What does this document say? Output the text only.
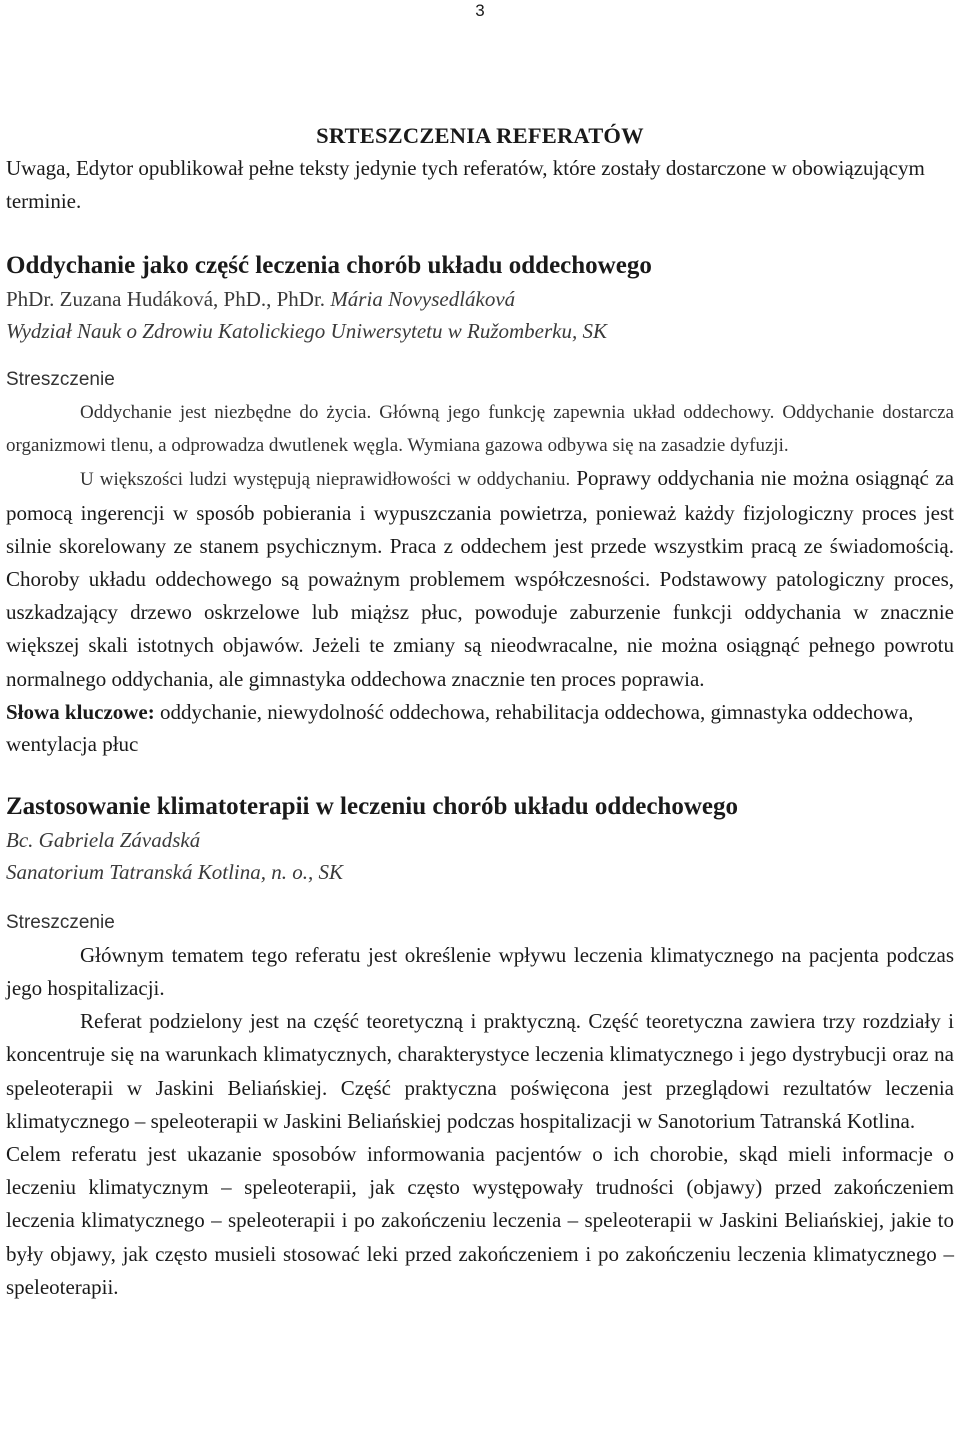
3

SRTESZCZENIA REFERATÓW

Uwaga, Edytor opublikował pełne teksty jedynie tych referatów, które zostały dostarczone w obowiązującym terminie.

Oddychanie jako część leczenia chorób układu oddechowego

PhDr. Zuzana Hudáková, PhD., PhDr. Mária Novysedláková

Wydział Nauk o Zdrowiu Katolickiego Uniwersytetu w Ružomberku, SK

Streszczenie

Oddychanie jest niezbędne do życia. Główną jego funkcję zapewnia układ oddechowy. Oddychanie dostarcza organizmowi tlenu, a odprowadza dwutlenek węgla. Wymiana gazowa odbywa się na zasadzie dyfuzji.

U większości ludzi występują nieprawidłowości w oddychaniu. Poprawy oddychania nie można osiągnąć za pomocą ingerencji w sposób pobierania i wypuszczania powietrza, ponieważ każdy fizjologiczny proces jest silnie skorelowany ze stanem psychicznym. Praca z oddechem jest przede wszystkim pracą ze świadomością. Choroby układu oddechowego są poważnym problemem współczesności. Podstawowy patologiczny proces, uszkadzający drzewo oskrzelowe lub miąższ płuc, powoduje zaburzenie funkcji oddychania w znacznie większej skali istotnych objawów. Jeżeli te zmiany są nieodwracalne, nie można osiągnąć pełnego powrotu normalnego oddychania, ale gimnastyka oddechowa znacznie ten proces poprawia.

Słowa kluczowe: oddychanie, niewydolność oddechowa, rehabilitacja oddechowa, gimnastyka oddechowa, wentylacja płuc

Zastosowanie klimatoterapii w leczeniu chorób układu oddechowego

Bc. Gabriela Závadská

Sanatorium Tatranská Kotlina, n. o., SK

Streszczenie

Głównym tematem tego referatu jest określenie wpływu leczenia klimatycznego na pacjenta podczas jego hospitalizacji.

Referat podzielony jest na część teoretyczną i praktyczną. Część teoretyczna zawiera trzy rozdziały i koncentruje się na warunkach klimatycznych, charakterystyce leczenia klimatycznego i jego dystrybucji oraz na speleoterapii w Jaskini Beliańskiej. Część praktyczna poświęcona jest przeglądowi rezultatów leczenia klimatycznego – speleoterapii w Jaskini Beliańskiej podczas hospitalizacji w Sanotorium Tatranská Kotlina.

Celem referatu jest ukazanie sposobów informowania pacjentów o ich chorobie, skąd mieli informacje o leczeniu klimatycznym – speleoterapii, jak często występowały trudności (objawy) przed zakończeniem leczenia klimatycznego – speleoterapii i po zakończeniu leczenia – speleoterapii w Jaskini Beliańskiej, jakie to były objawy, jak często musieli stosować leki przed zakończeniem i po zakończeniu leczenia klimatycznego – speleoterapii.
